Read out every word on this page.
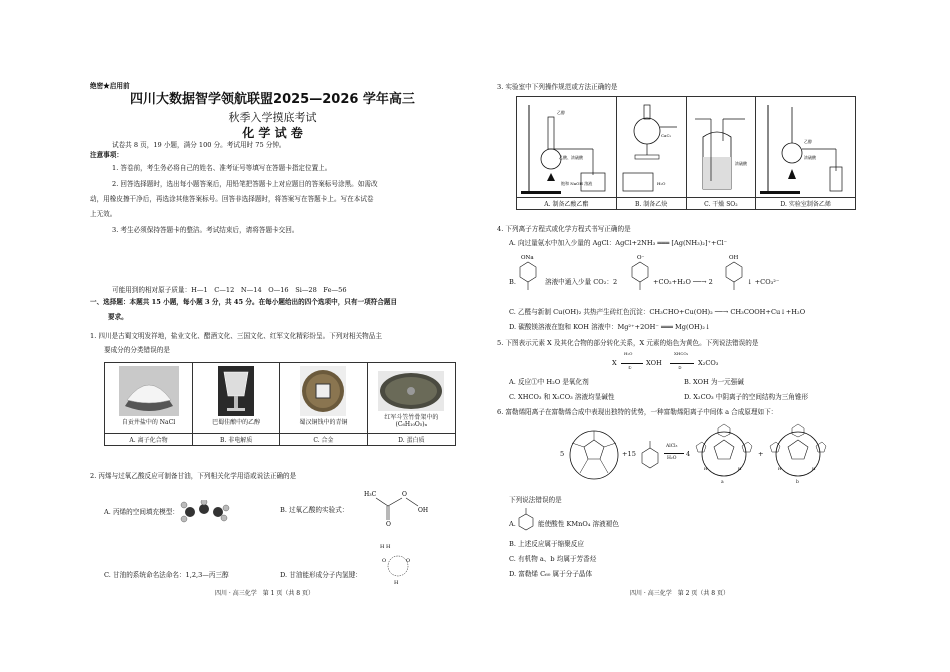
绝密★启用前
四川大数据智学领航联盟2025—2026 学年高三
秋季入学摸底考试
化 学 试 卷
试卷共 8 页，19 小题，满分 100 分。考试用时 75 分钟。
注意事项：
1. 答卷前，考生务必将自己的姓名、准考证号等填写在答题卡指定位置上。
2. 回答选择题时，选出每小题答案后，用铅笔把答题卡上对应题目的答案标号涂黑。如需改
动，用橡皮擦干净后，再选涂其他答案标号。回答非选择题时，将答案写在答题卡上。写在本试卷
上无效。
3. 考生必须保持答题卡的整洁。考试结束后，请将答题卡交回。
可能用到的相对原子质量：H—1　C—12　N—14　O—16　Si—28　Fe—56
一、选择题：本题共 15 小题，每小题 3 分，共 45 分。在每小题给出的四个选项中，只有一项符合题目
要求。
1. 四川是古蜀文明发祥地，盐业文化、醋酒文化、三国文化、红军文化精彩纷呈。下列对相关物品主
要成分的分类错误的是
自贡井盐中的 NaCl	巴蜀佳酿中的乙醇	蜀汉铜钱中的青铜	红军斗笠竹骨架中的 (C₆H₁₀O₅)ₙ

A. 离子化合物	B. 非电解质	C. 合金	D. 蛋白质
2. 丙烯与过氧乙酸反应可制备甘油，下列相关化学用语或说法正确的是
A. 丙烯的空间填充模型：	B. 过氧乙酸的实验式：
H₃C	O
OH
O
C. 甘油的系统命名法命名：1,2,3—丙三醇	D. 甘油能形成分子内氢键：
H H
O	O
H
四川 · 高三化学　第 1 页（共 8 页）
3. 实验室中下列操作规范或方法正确的是
乙醇
乙酸、浓硫酸
饱和 NaOH 溶液	CaC₂
H₂O	浓硫酸	乙醇
浓硫酸

A. 制备乙酸乙酯	B. 制备乙炔	C. 干燥 SO₂	D. 实验室制备乙烯
4. 下列离子方程式或化学方程式书写正确的是
A. 向过量氨水中加入少量的 AgCl：AgCl+2NH₃ ═══ [Ag(NH₃)₂]⁺+Cl⁻
B.
ONa
溶液中通入少量 CO₂：2
O⁻
+CO₂+H₂O ──→ 2
OH
↓ +CO₃²⁻
C. 乙醛与新制 Cu(OH)₂ 共热产生砖红色沉淀：CH₃CHO+Cu(OH)₂ ──→ CH₃COOH+Cu↓+H₂O
D. 碳酸镁溶液在饱和 KOH 溶液中：Mg²⁺+2OH⁻ ═══ Mg(OH)₂↓
5. 下图表示元素 X 及其化合物的部分转化关系，X 元素的焰色为黄色。下列说法错误的是
X
H₂O
①
XOH
XHCO₃
②
X₂CO₃
A. 反应①中 H₂O 是氧化剂	B. XOH 为一元强碱
C. XHCO₃ 和 X₂CO₃ 溶液均显碱性	D. X₂CO₃ 中阴离子的空间结构为三角锥形
6. 富勒烯阳离子在富勒烯合成中表现出独特的优势，一种富勒烯阳离子中间体 a 合成原理如下：
5	+15
AlCl₃
H₂O
4
H	H
+
a
+
H	H
b
下列说法错误的是
A.	能使酸性 KMnO₄ 溶液褪色
B. 上述反应属于缩聚反应
C. 有机物 a、b 均属于芳香烃
D. 富勒烯 C₆₀ 属于分子晶体
四川 · 高三化学　第 2 页（共 8 页）
